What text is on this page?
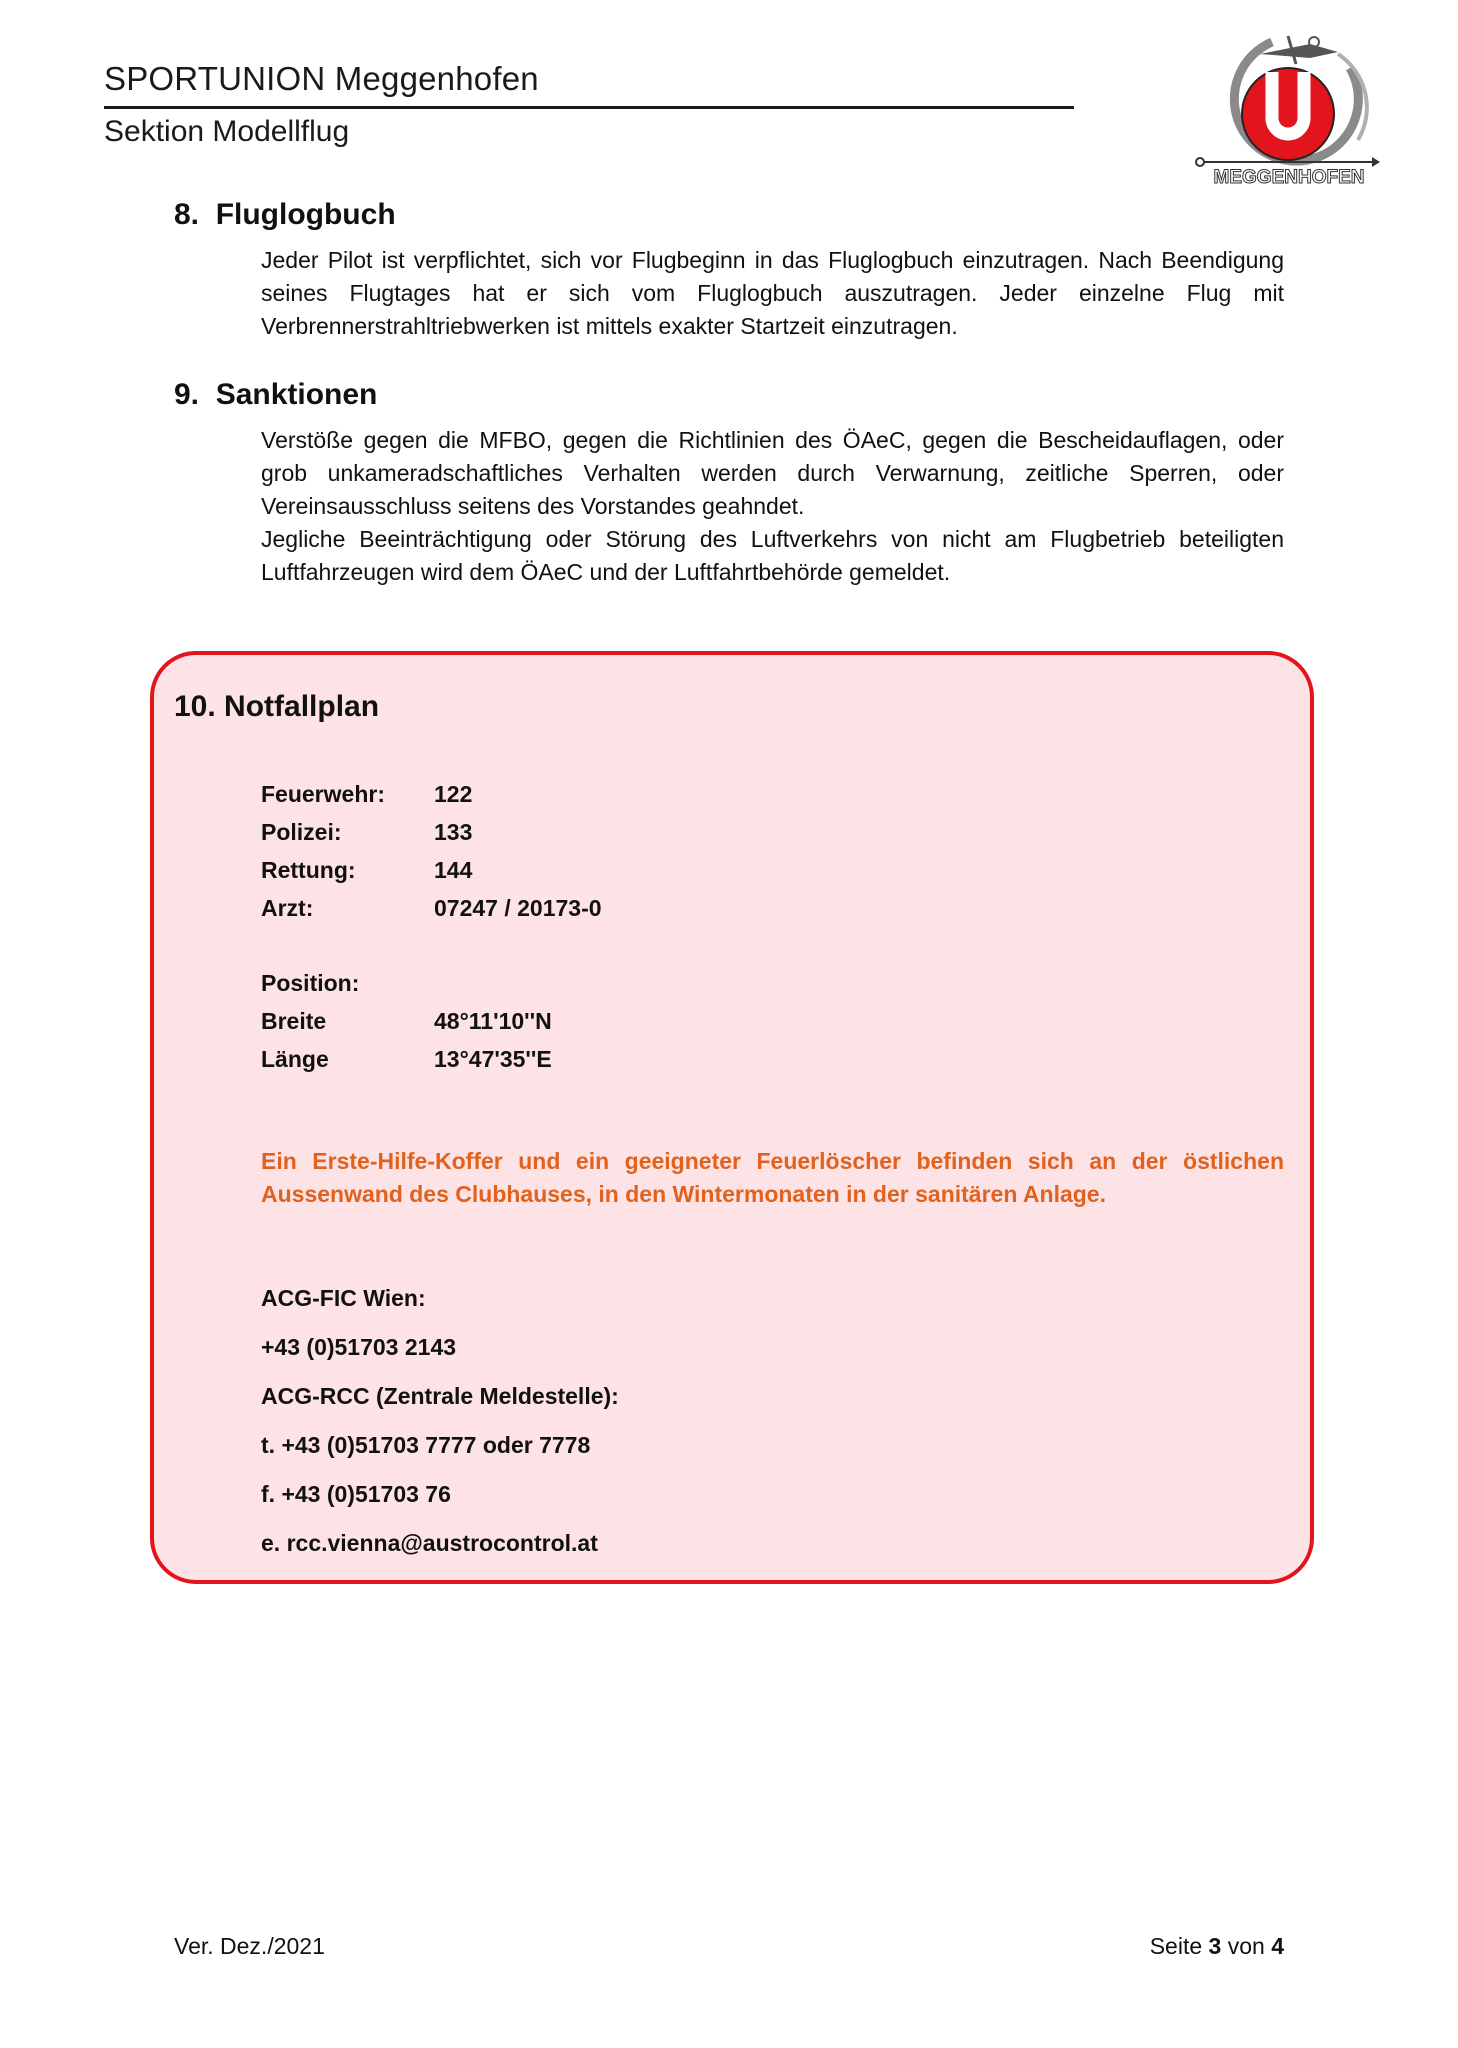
SPORTUNION Meggenhofen
Sektion Modellflug
MEGGENHOFEN
8.  Fluglogbuch

Jeder Pilot ist verpflichtet, sich vor Flugbeginn in das Fluglogbuch einzutragen. Nach Beendigung seines Flugtages hat er sich vom Fluglogbuch auszutragen. Jeder einzelne Flug mit Verbrennerstrahltriebwerken ist mittels exakter Startzeit einzutragen.

9.  Sanktionen

Verstöße gegen die MFBO, gegen die Richtlinien des ÖAeC, gegen die Bescheidauflagen, oder grob unkameradschaftliches Verhalten werden durch Verwarnung, zeitliche Sperren, oder Vereinsausschluss seitens des Vorstandes geahndet.

Jegliche Beeinträchtigung oder Störung des Luftverkehrs von nicht am Flugbetrieb beteiligten Luftfahrzeugen wird dem ÖAeC und der Luftfahrtbehörde gemeldet.

10. Notfallplan
Feuerwehr: 122
Polizei:	133
Rettung:	144
Arzt:	07247 / 20173-0
Position:
Breite	48°11'10''N
Länge	13°47'35''E
Ein Erste-Hilfe-Koffer und ein geeigneter Feuerlöscher befinden sich an der östlichen Aussenwand des Clubhauses, in den Wintermonaten in der sanitären Anlage.
ACG-FIC Wien:
+43 (0)51703 2143
ACG-RCC (Zentrale Meldestelle):
t. +43 (0)51703 7777 oder 7778
f. +43 (0)51703 76
e. rcc.vienna@austrocontrol.at
Ver. Dez./2021	Seite 3 von 4
